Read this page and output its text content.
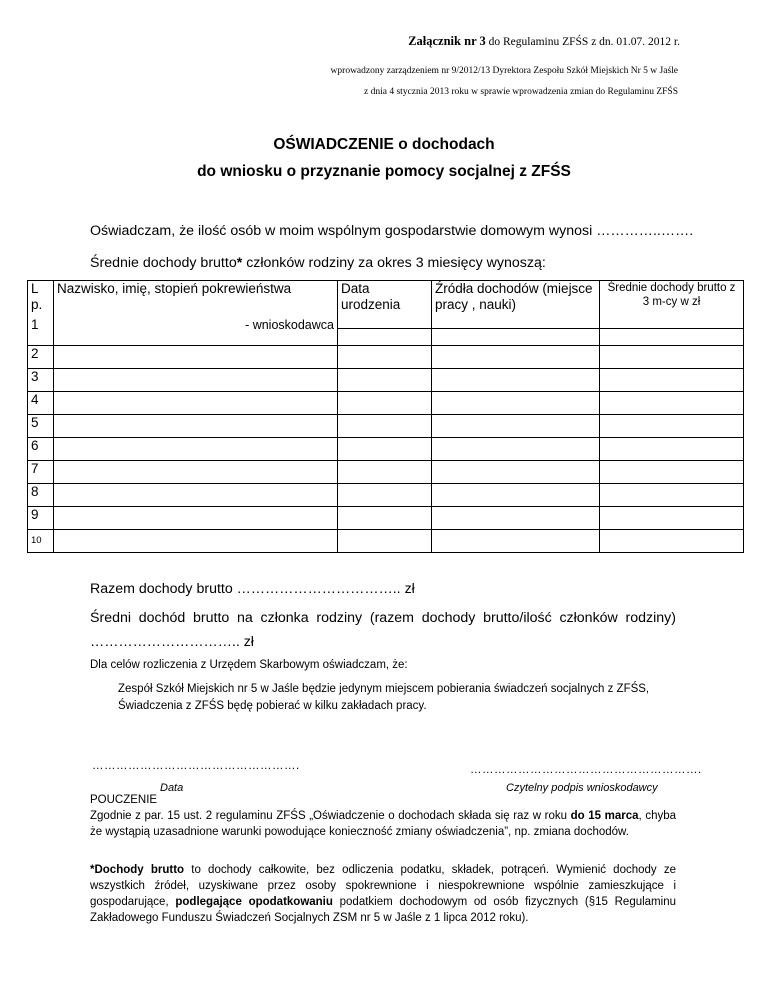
Załącznik nr 3 do Regulaminu ZFŚS z dn. 01.07. 2012 r.
wprowadzony zarządzeniem nr 9/2012/13 Dyrektora Zespołu Szkół Miejskich Nr 5 w Jaśle
z dnia 4 stycznia 2013 roku w sprawie wprowadzenia zmian do Regulaminu ZFŚS
OŚWIADCZENIE o dochodach
do wniosku o przyznanie pomocy socjalnej z ZFŚS
Oświadczam, że ilość osób w moim wspólnym gospodarstwie domowym wynosi …………..…….
Średnie dochody brutto* członków rodziny za okres 3 miesięcy wynoszą:
L p.	Nazwisko, imię, stopień pokrewieństwa	Data urodzenia	Źródła dochodów (miejsce pracy , nauki)	Średnie dochody brutto z 3 m-cy w zł
1	- wnioskodawca			

2				
3				
4				
5				
6				
7				
8				
9				
10				
Razem dochody brutto …………………………….. zł
Średni dochód brutto na członka rodziny (razem dochody brutto/ilość członków rodziny)
………………………….. zł
Dla celów rozliczenia z Urzędem Skarbowym oświadczam, że:
Zespół Szkół Miejskich nr 5 w Jaśle będzie jedynym miejscem pobierania świadczeń socjalnych z ZFŚS,
Świadczenia z ZFŚS będę pobierać w kilku zakładach pracy.
…………………………………………….	………………………………………………….
Data	Czytelny podpis wnioskodawcy
POUCZENIE
Zgodnie z par. 15 ust. 2 regulaminu ZFŚS „Oświadczenie o dochodach składa się raz w roku do 15 marca, chyba że wystąpią uzasadnione warunki powodujące konieczność zmiany oświadczenia”, np. zmiana dochodów.
*Dochody brutto to dochody całkowite, bez odliczenia podatku, składek, potrąceń. Wymienić dochody ze wszystkich źródeł, uzyskiwane przez osoby spokrewnione i niespokrewnione wspólnie zamieszkujące i gospodarujące, podlegające opodatkowaniu podatkiem dochodowym od osób fizycznych (§15 Regulaminu Zakładowego Funduszu Świadczeń Socjalnych ZSM nr 5 w Jaśle z 1 lipca 2012 roku).
